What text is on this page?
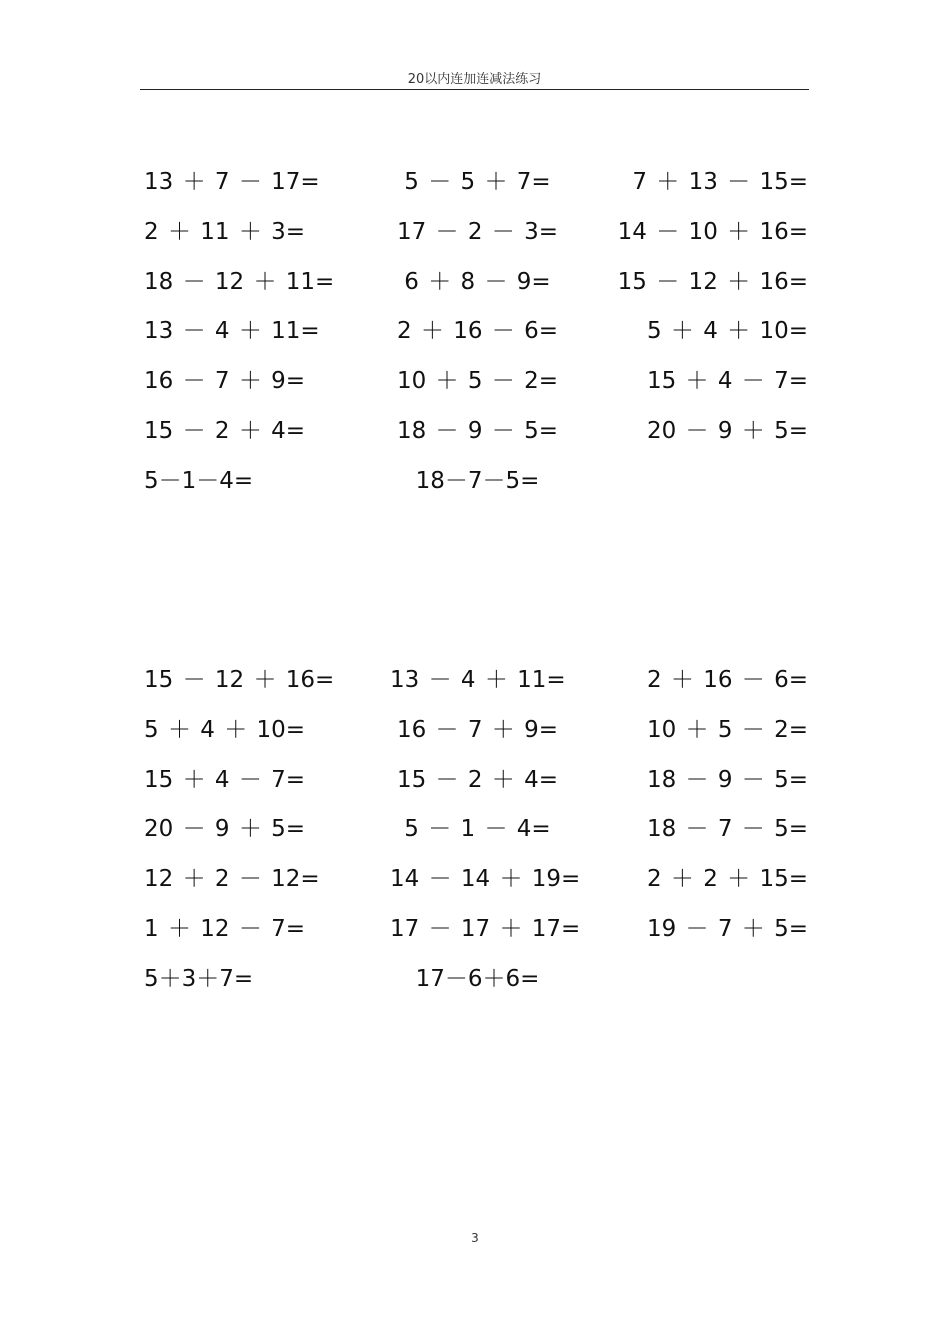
20以内连加连减法练习
13 ＋ 7 － 17=	5 － 5 ＋ 7=	7 ＋ 13 － 15=
2 ＋ 11 ＋ 3=	17 － 2 － 3=	14 － 10 ＋ 16=
18 － 12 ＋ 11=	6 ＋ 8 － 9=	15 － 12 ＋ 16=
13 － 4 ＋ 11=	2 ＋ 16 － 6=	5 ＋ 4 ＋ 10=
16 － 7 ＋ 9=	10 ＋ 5 － 2=	15 ＋ 4 － 7=
15 － 2 ＋ 4=	18 － 9 － 5=	20 － 9 ＋ 5=
5－1－4=	18－7－5=
15 － 12 ＋ 16= 13 － 4 ＋ 11=	2 ＋ 16 － 6=
5 ＋ 4 ＋ 10=	16 － 7 ＋ 9=	10 ＋ 5 － 2=
15 ＋ 4 － 7=	15 － 2 ＋ 4=	18 － 9 － 5=
20 － 9 ＋ 5=	5 － 1 － 4=	18 － 7 － 5=
12 ＋ 2 － 12=	14 － 14 ＋ 19=	2 ＋ 2 ＋ 15=
1 ＋ 12 － 7=	17 － 17 ＋ 17=	19 － 7 ＋ 5=
5＋3＋7=	17－6＋6=
3
